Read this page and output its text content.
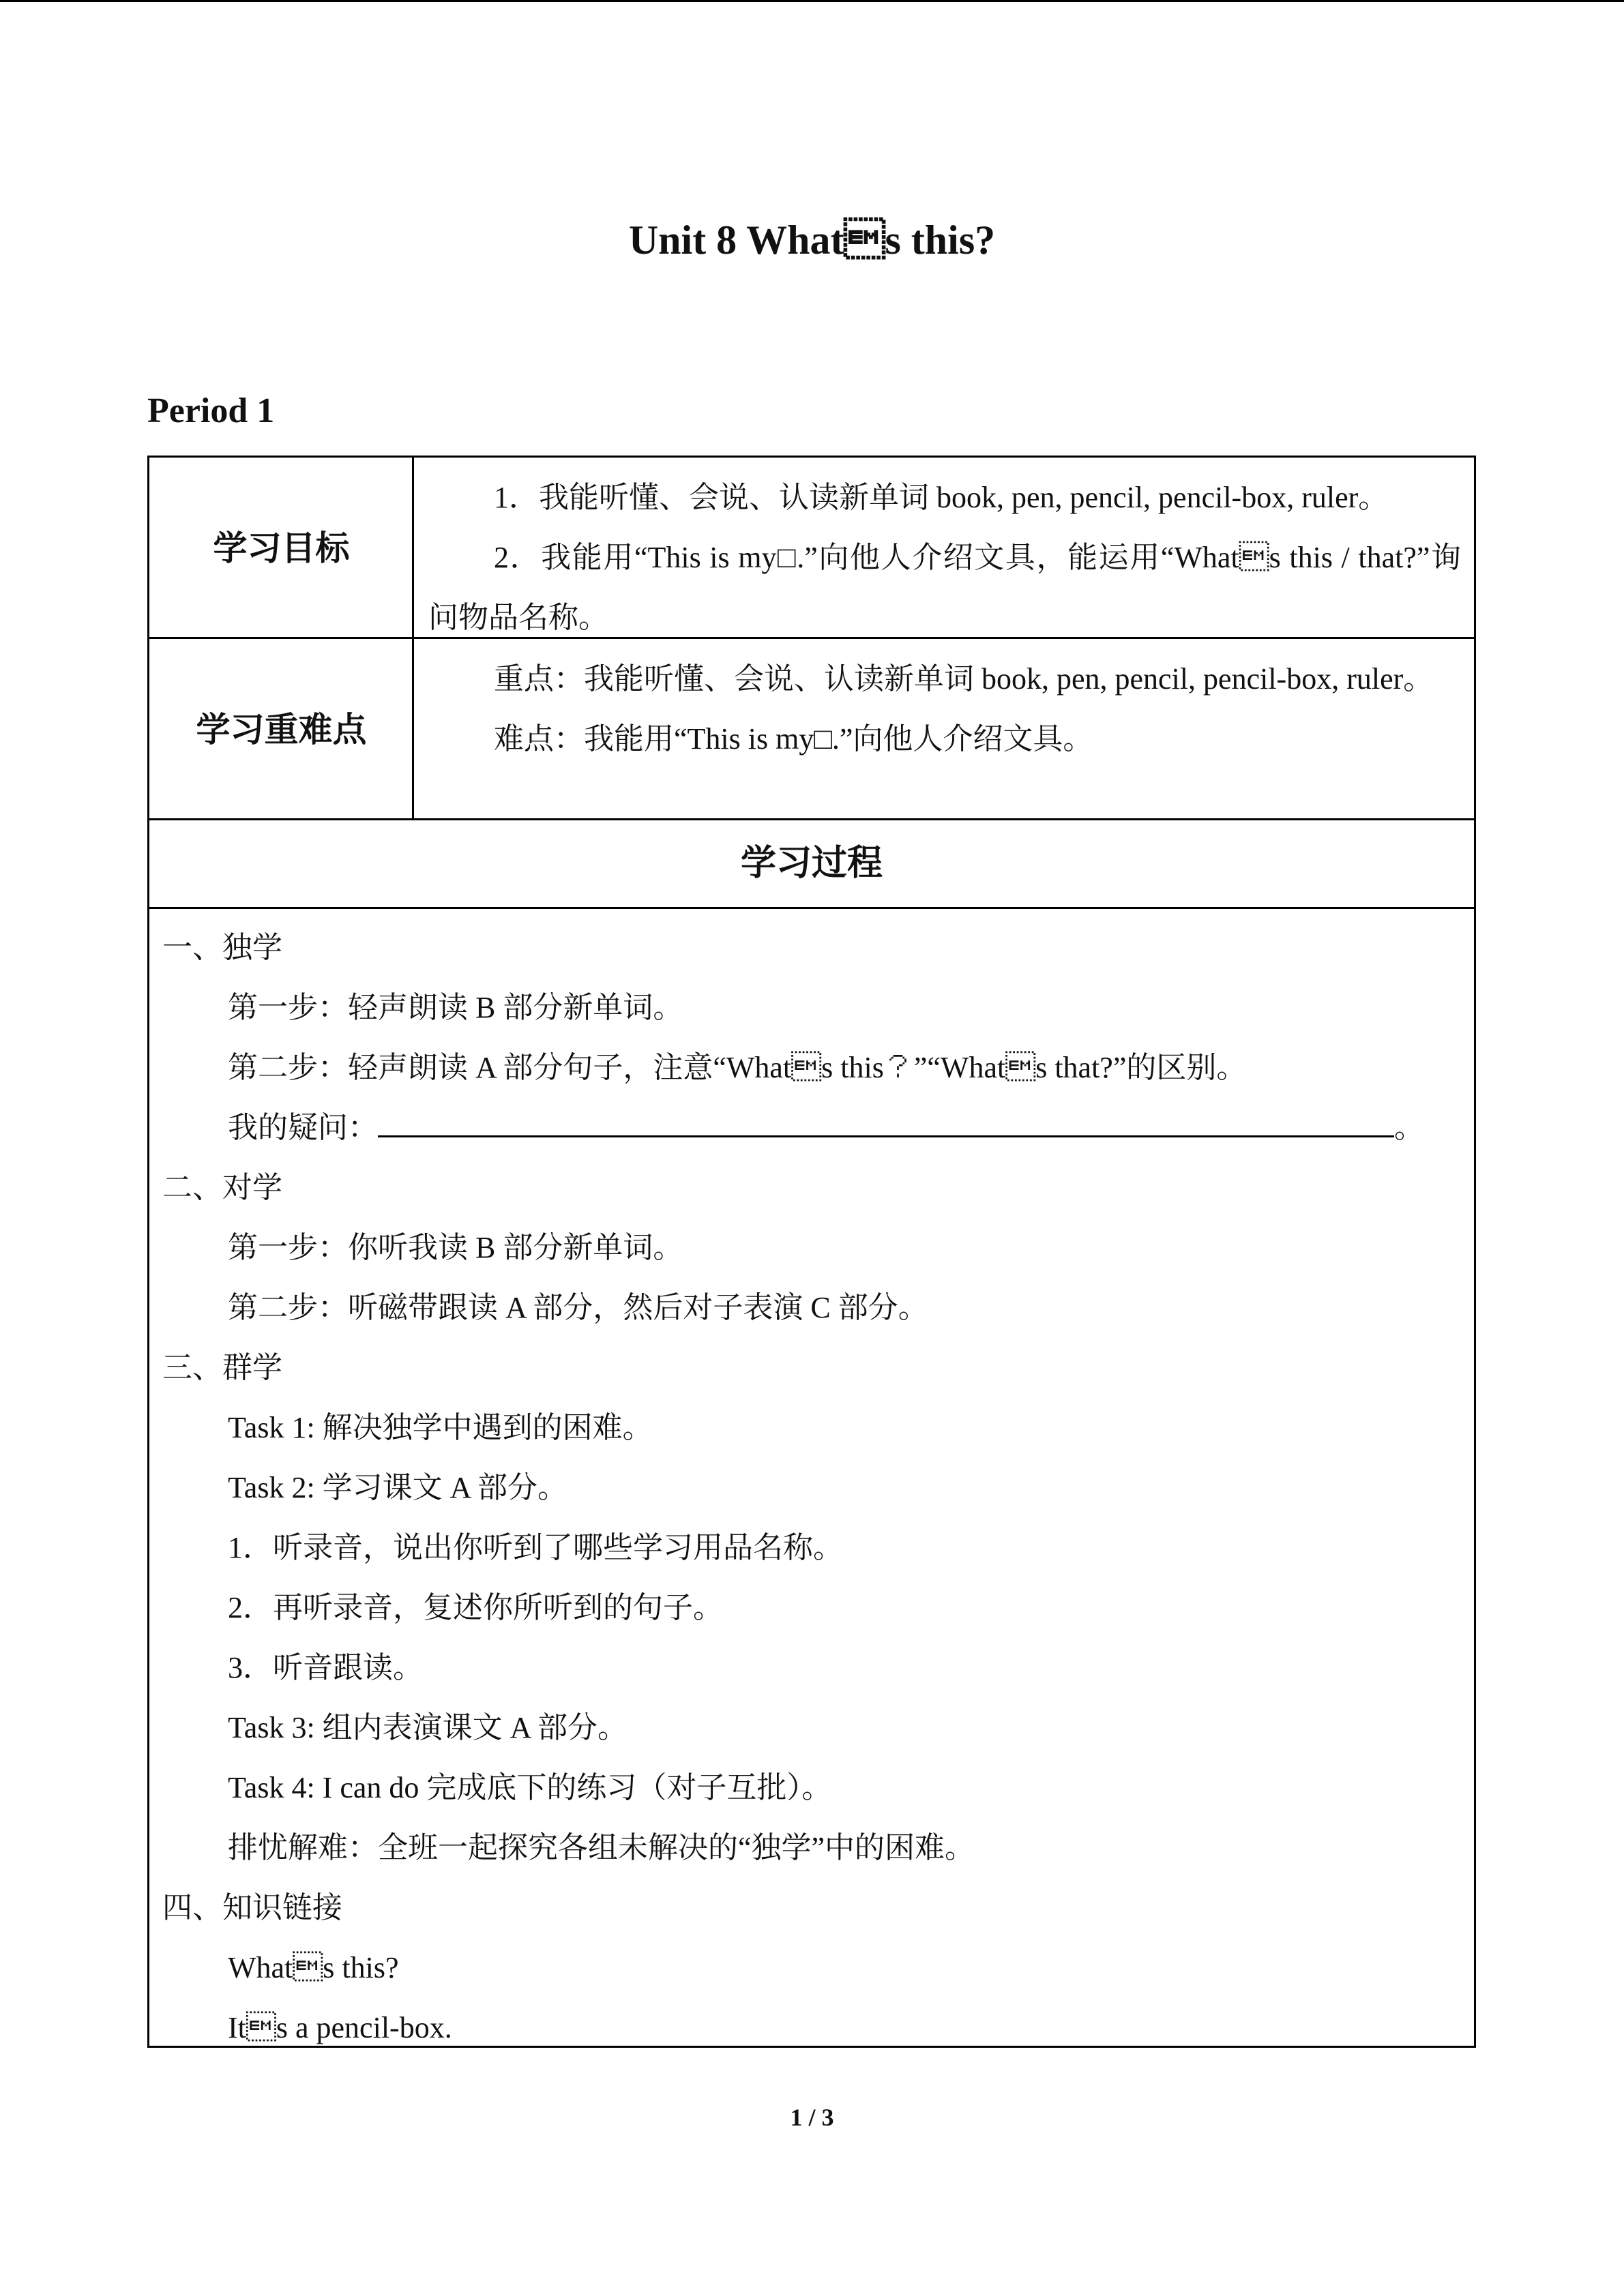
Unit 8 Whats this?
Period 1
学习目标
1．我能听懂、会说、认读新单词 book, pen, pencil, pencil-box, ruler。
2．我能用“This is my□.”向他人介绍文具，能运用“Whats this / that?”询问物品名称。
学习重难点
重点：我能听懂、会说、认读新单词 book, pen, pencil, pencil-box, ruler。
难点：我能用“This is my□.”向他人介绍文具。
学习过程
一、独学
第一步：轻声朗读 B 部分新单词。
第二步：轻声朗读 A 部分句子，注意“Whats this？”“Whats that?”的区别。
我的疑问：	。
二、对学
第一步：你听我读 B 部分新单词。
第二步：听磁带跟读 A 部分，然后对子表演 C 部分。
三、群学
Task 1: 解决独学中遇到的困难。
Task 2: 学习课文 A 部分。
1．听录音，说出你听到了哪些学习用品名称。
2．再听录音，复述你所听到的句子。
3．听音跟读。
Task 3: 组内表演课文 A 部分。
Task 4: I can do 完成底下的练习（对子互批）。
排忧解难：全班一起探究各组未解决的“独学”中的困难。
四、知识链接
Whats this?
Its a pencil-box.
1 / 3
